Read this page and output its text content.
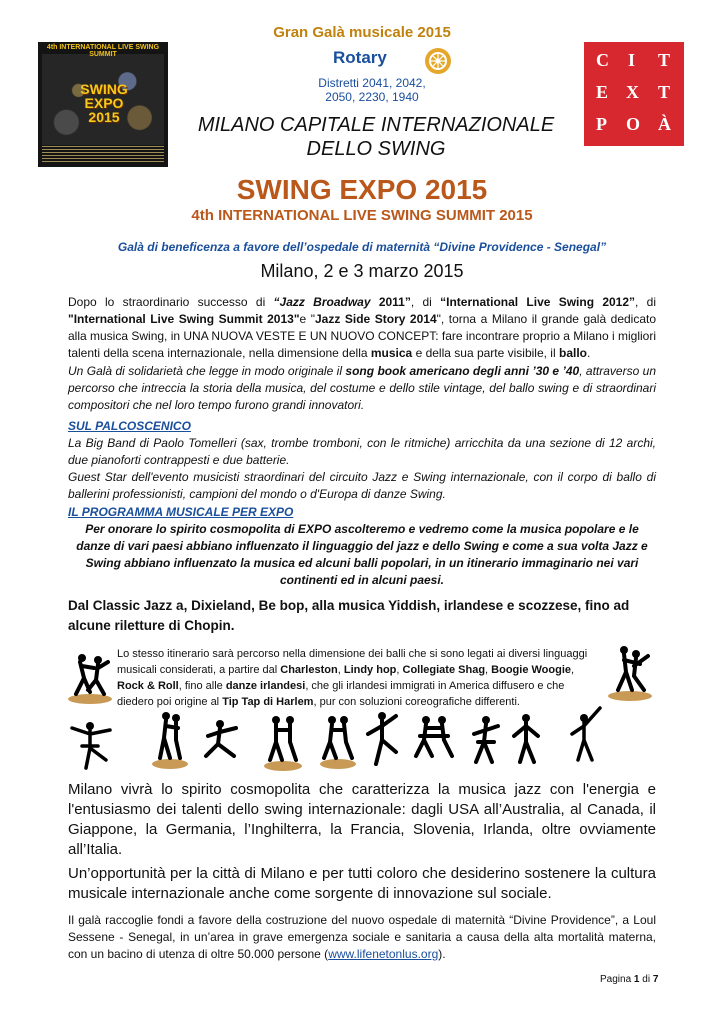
Gran Galà musicale 2015
4th INTERNATIONAL LIVE SWING SUMMIT
SWING
EXPO
2015
Rotary
Distretti 2041, 2042,
2050, 2230, 1940
C I T
E X T
P O À
MILANO CAPITALE INTERNAZIONALE
DELLO SWING
SWING EXPO 2015
4th INTERNATIONAL LIVE SWING SUMMIT 2015
Galà di beneficenza a favore dell’ospedale di maternità “Divine Providence - Senegal”
Milano, 2 e 3 marzo 2015
Dopo lo straordinario successo di “Jazz Broadway 2011”, di “International Live Swing 2012”, di "International Live Swing Summit 2013"e "Jazz Side Story 2014", torna a Milano il grande galà dedicato alla musica Swing, in UNA NUOVA VESTE E UN NUOVO CONCEPT: fare incontrare proprio a Milano i migliori talenti della scena internazionale, nella dimensione della musica e della sua parte visibile, il ballo.
Un Galà di solidarietà che legge in modo originale il song book americano degli anni ’30 e ’40, attraverso un percorso che intreccia la storia della musica, del costume e dello stile vintage, del ballo swing e di straordinari compositori che nel loro tempo furono grandi innovatori.
SUL PALCOSCENICO
La Big Band di Paolo Tomelleri (sax, trombe tromboni, con le ritmiche) arricchita da una sezione di 12 archi, due pianoforti contrappesti e due batterie.
Guest Star dell'evento musicisti straordinari del circuito Jazz e Swing internazionale, con il corpo di ballo di ballerini professionisti, campioni del mondo o d'Europa di danze Swing.
IL PROGRAMMA MUSICALE PER EXPO
Per onorare lo spirito cosmopolita di EXPO ascolteremo e vedremo come la musica popolare e le danze di vari paesi abbiano influenzato il linguaggio del jazz e dello Swing e come a sua volta Jazz e Swing abbiano influenzato la musica ed alcuni balli popolari, in un itinerario immaginario nei vari continenti ed in alcuni paesi.
Dal Classic Jazz a, Dixieland, Be bop, alla musica Yiddish, irlandese e scozzese, fino ad alcune riletture di Chopin.
Lo stesso itinerario sarà percorso nella dimensione dei balli che si sono legati ai diversi linguaggi musicali considerati, a partire dal Charleston, Lindy hop, Collegiate Shag, Boogie Woogie, Rock & Roll, fino alle danze irlandesi, che gli irlandesi immigrati in America diffusero e che diedero poi origine al Tip Tap di Harlem, pur con soluzioni coreografiche differenti.
Milano vivrà lo spirito cosmopolita che caratterizza la musica jazz con l'energia e l'entusiasmo dei talenti dello swing internazionale: dagli USA all’Australia, al Canada, il Giappone, la Germania, l’Inghilterra, la Francia, Slovenia, Irlanda, oltre ovviamente all’Italia.
Un’opportunità per la città di Milano e per tutti coloro che desiderino sostenere la cultura musicale internazionale anche come sorgente di innovazione sul sociale.
Il galà raccoglie fondi a favore della costruzione del nuovo ospedale di maternità “Divine Providence”, a Loul Sessene - Senegal, in un’area in grave emergenza sociale e sanitaria a causa della alta mortalità materna, con un bacino di utenza di oltre 50.000 persone (www.lifenetonlus.org).
Pagina 1 di 7
